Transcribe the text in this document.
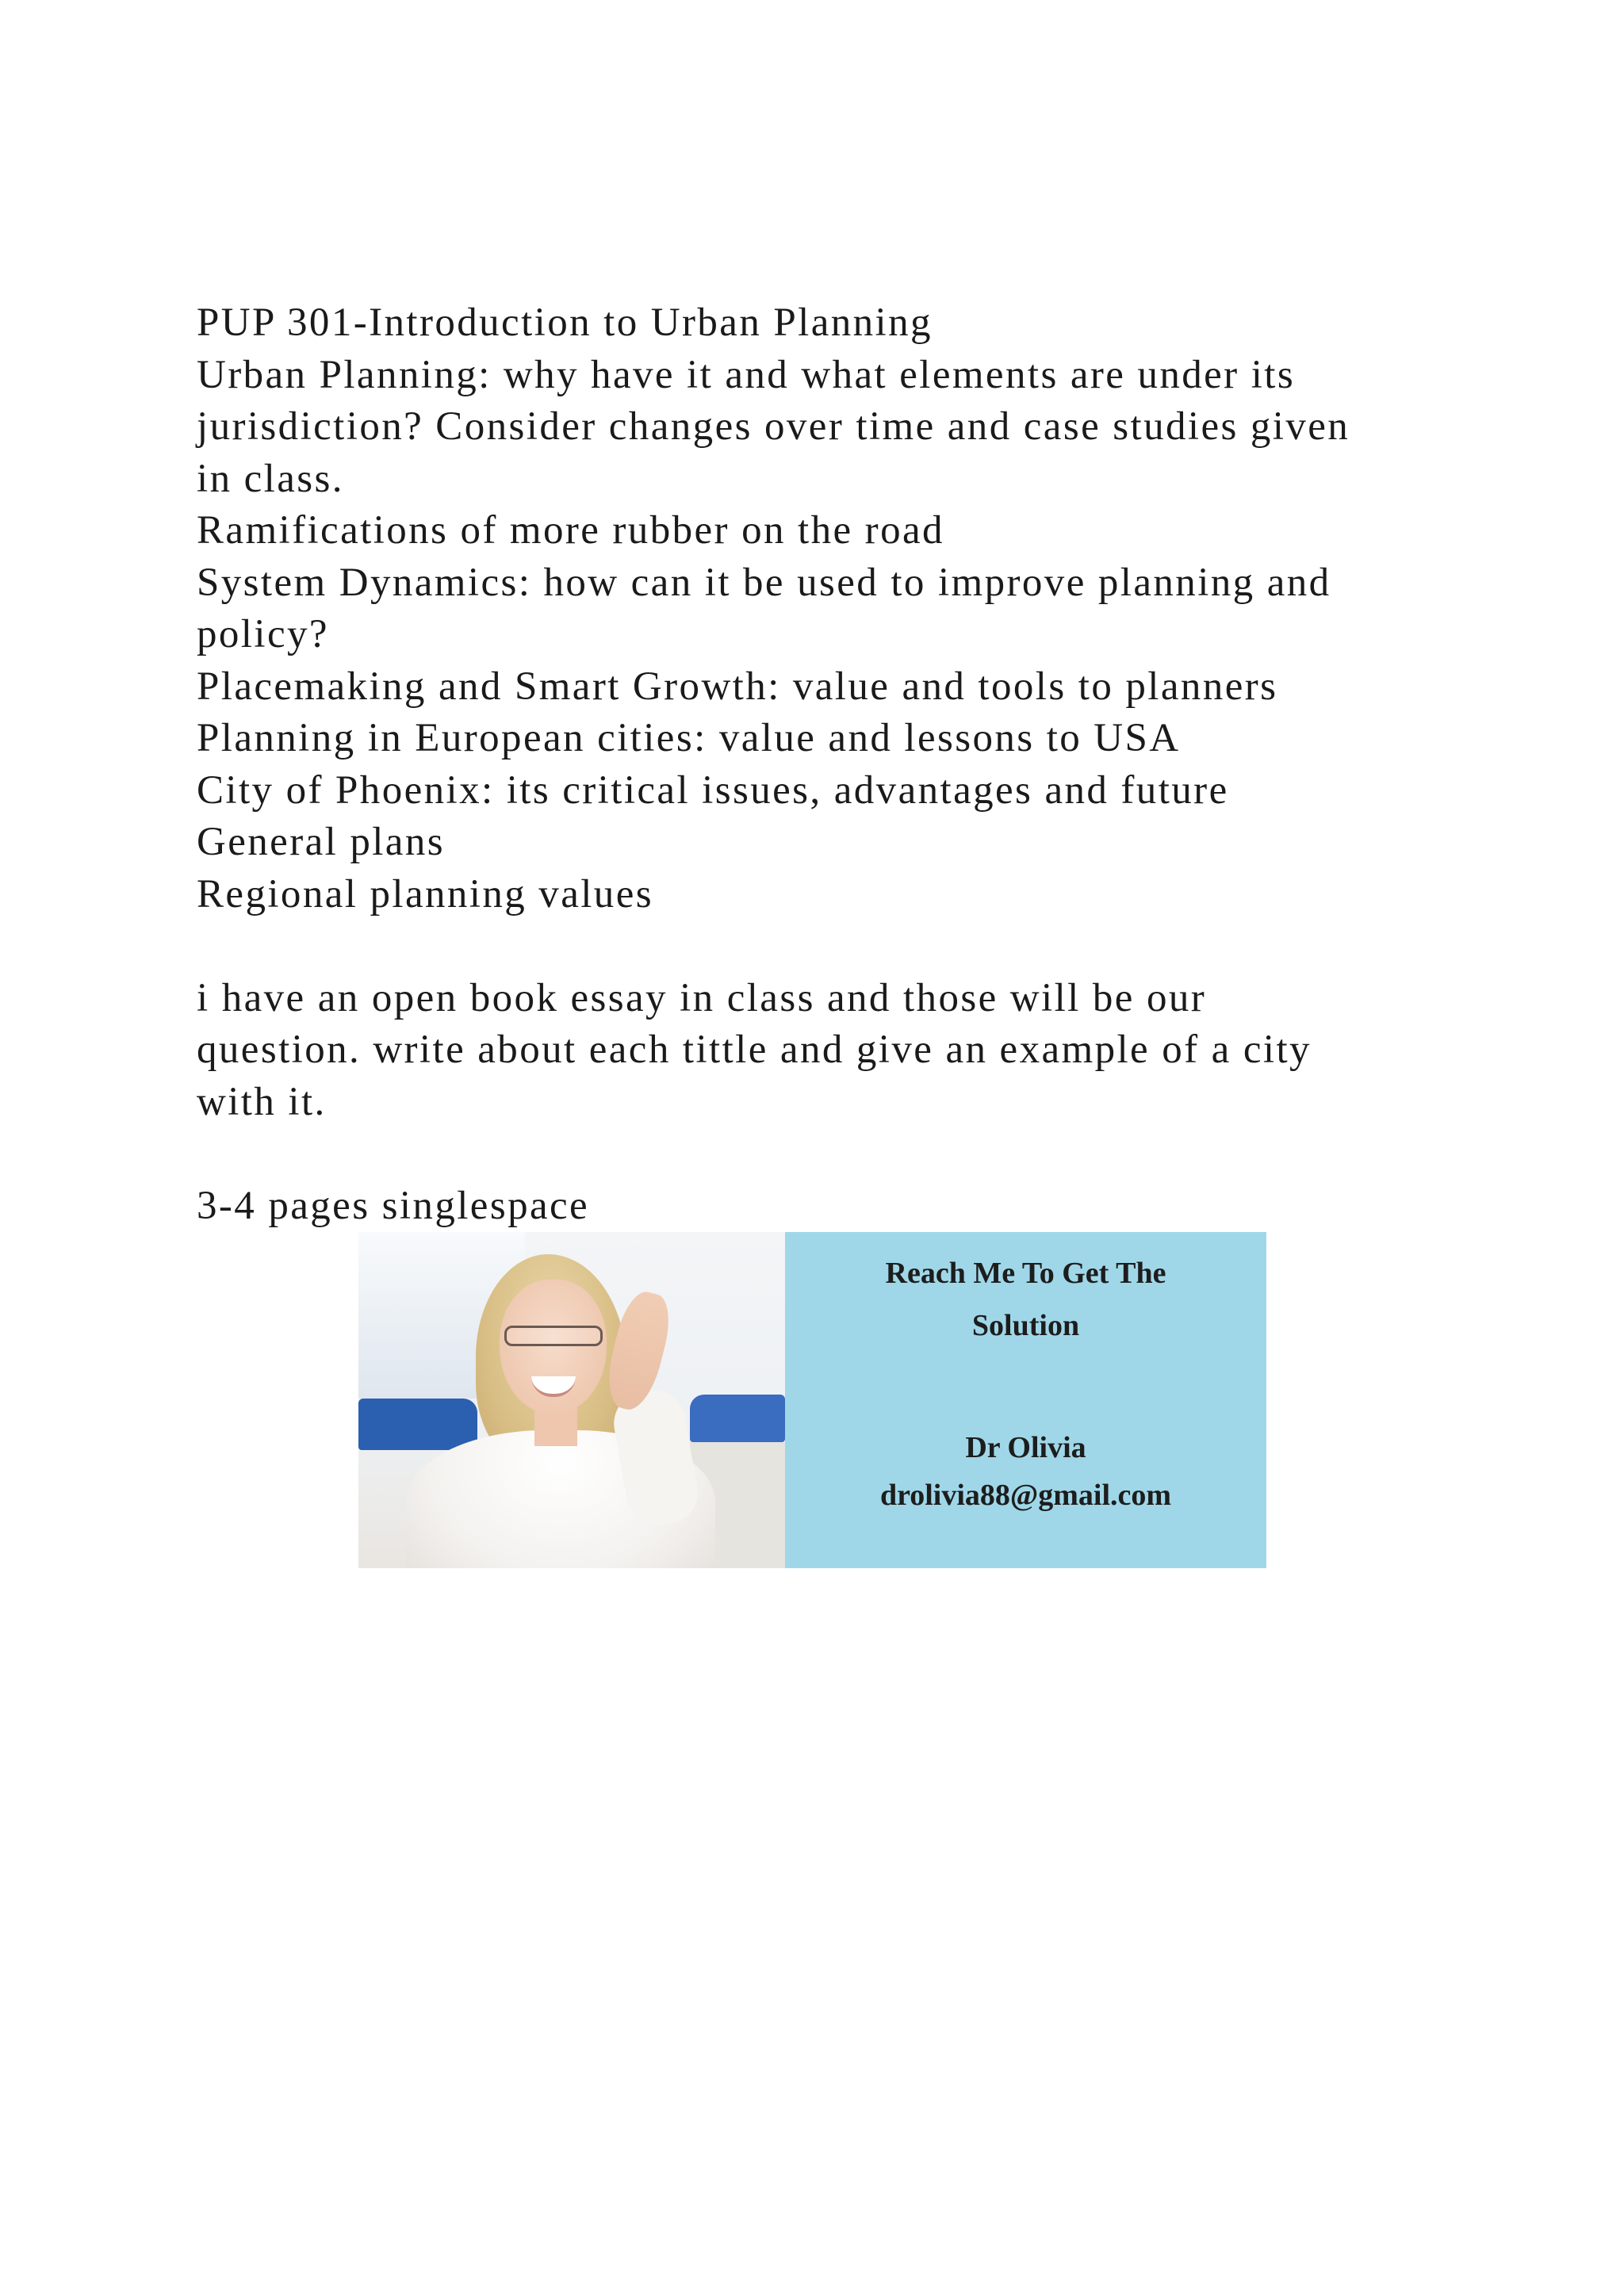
PUP 301-Introduction to Urban Planning
Urban Planning: why have it and what elements are under its
jurisdiction? Consider changes over time and case studies given
in class.
Ramifications of more rubber on the road
System Dynamics: how can it be used to improve planning and
policy?
Placemaking and Smart Growth: value and tools to planners
Planning in European cities: value and lessons to USA
City of Phoenix: its critical issues, advantages and future
General plans
Regional planning values
i have an open book essay in class and those will be our
question. write about each tittle and give an example of a city
with it.
3-4 pages singlespace
Reach Me To Get The
Solution
Dr Olivia
drolivia88@gmail.com
